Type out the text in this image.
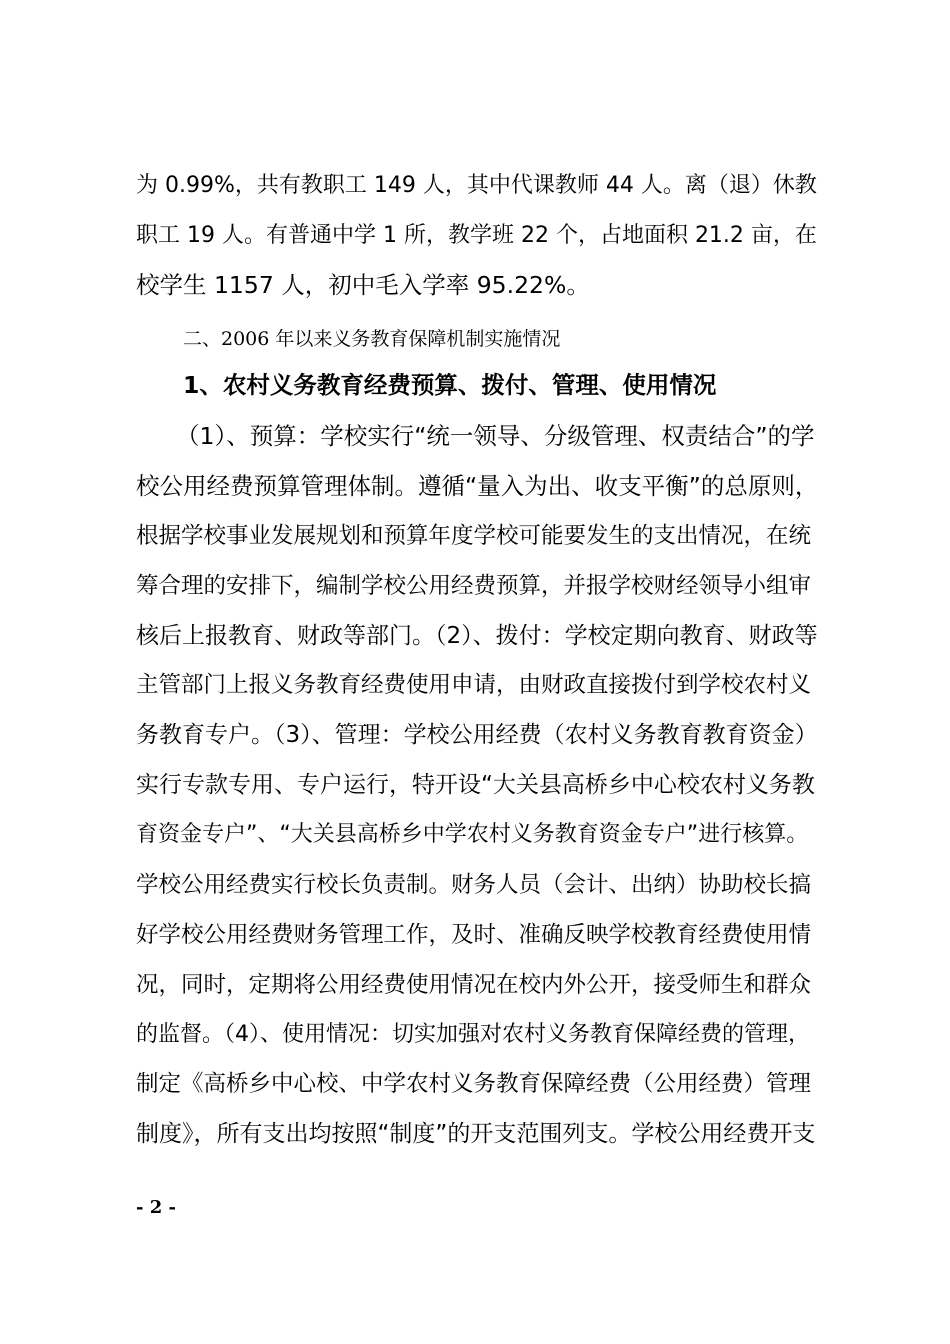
为 0.99%，共有教职工 149 人，其中代课教师 44 人。离（退）休教

职工 19 人。有普通中学 1 所，教学班 22 个，占地面积 21.2 亩，在

校学生 1157 人，初中毛入学率 95.22%。

二、2006 年以来义务教育保障机制实施情况

1、农村义务教育经费预算、拨付、管理、使用情况

（1）、预算：学校实行“统一领导、分级管理、权责结合”的学

校公用经费预算管理体制。遵循“量入为出、收支平衡”的总原则，

根据学校事业发展规划和预算年度学校可能要发生的支出情况，在统

筹合理的安排下，编制学校公用经费预算，并报学校财经领导小组审

核后上报教育、财政等部门。（2）、拨付：学校定期向教育、财政等

主管部门上报义务教育经费使用申请，由财政直接拨付到学校农村义

务教育专户。（3）、管理：学校公用经费（农村义务教育教育资金）

实行专款专用、专户运行，特开设“大关县高桥乡中心校农村义务教

育资金专户”、“大关县高桥乡中学农村义务教育资金专户”进行核算。

学校公用经费实行校长负责制。财务人员（会计、出纳）协助校长搞

好学校公用经费财务管理工作，及时、准确反映学校教育经费使用情

况，同时，定期将公用经费使用情况在校内外公开，接受师生和群众

的监督。（4）、使用情况：切实加强对农村义务教育保障经费的管理，

制定《高桥乡中心校、中学农村义务教育保障经费（公用经费）管理

制度》，所有支出均按照“制度”的开支范围列支。学校公用经费开支

- 2 -
